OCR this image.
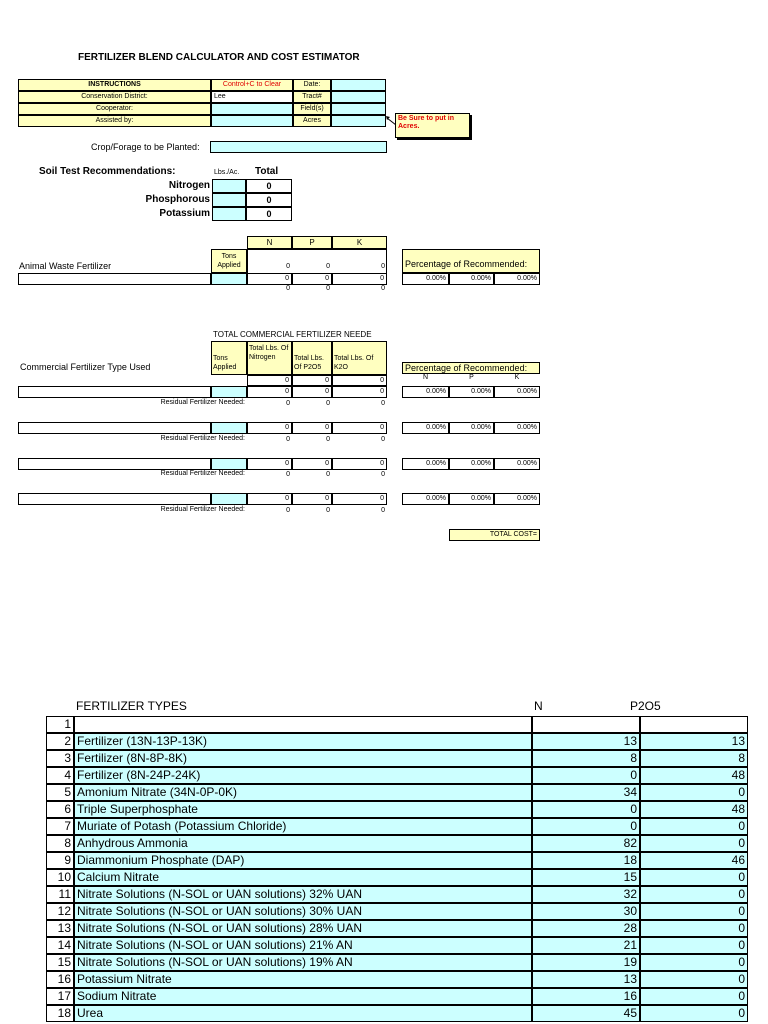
FERTILIZER BLEND CALCULATOR AND COST ESTIMATOR
INSTRUCTIONS	Control+C to Clear	Date:
Conservation District:	Lee	Tract#
Cooperator:	Field(s)
Assisted by:	Acres	Be Sure to put in Acres.
Crop/Forage to be Planted:
Soil Test Recommendations:	Lbs./Ac. Total
Nitrogen	0
Phosphorous	0
Potassium	0
N	P	K
Tons Applied
Animal Waste Fertilizer	0	0	0
0	0	0
0	0	0
Percentage of Recommended:
0.00%	0.00%	0.00%
TOTAL COMMERCIAL FERTILIZER NEEDE
Tons Applied
Total Lbs. Of Nitrogen	Total Lbs. Of P2O5
Total Lbs. Of K2O
Commercial Fertilizer Type Used	Percentage of Recommended:
N	P	K
0	0	0
0	0	0	0.00%	0.00%	0.00%
Residual Fertilizer Needed:	0	0	0
0	0	0	0.00%	0.00%	0.00%
Residual Fertilizer Needed:	0	0	0
0	0	0	0.00%	0.00%	0.00%
Residual Fertilizer Needed:	0	0	0
0	0	0	0.00%	0.00%	0.00%
Residual Fertilizer Needed:	0	0	0
TOTAL COST=
FERTILIZER TYPES	N	P2O5
1
2 Fertilizer (13N-13P-13K)	13	13
3 Fertilizer (8N-8P-8K)	8	8
4 Fertilizer (8N-24P-24K)	0	48
5 Amonium Nitrate (34N-0P-0K)	34	0
6 Triple Superphosphate	0	48
7 Muriate of Potash (Potassium Chloride)	0	0
8 Anhydrous Ammonia	82	0
9 Diammonium Phosphate (DAP)	18	46
10 Calcium Nitrate	15	0
11 Nitrate Solutions (N-SOL or UAN solutions) 32% UAN	32	0
12 Nitrate Solutions (N-SOL or UAN solutions) 30% UAN	30	0
13 Nitrate Solutions (N-SOL or UAN solutions) 28% UAN	28	0
14 Nitrate Solutions (N-SOL or UAN solutions) 21% AN	21	0
15 Nitrate Solutions (N-SOL or UAN solutions) 19% AN	19	0
16 Potassium Nitrate	13	0
17 Sodium Nitrate	16	0
18 Urea	45	0
